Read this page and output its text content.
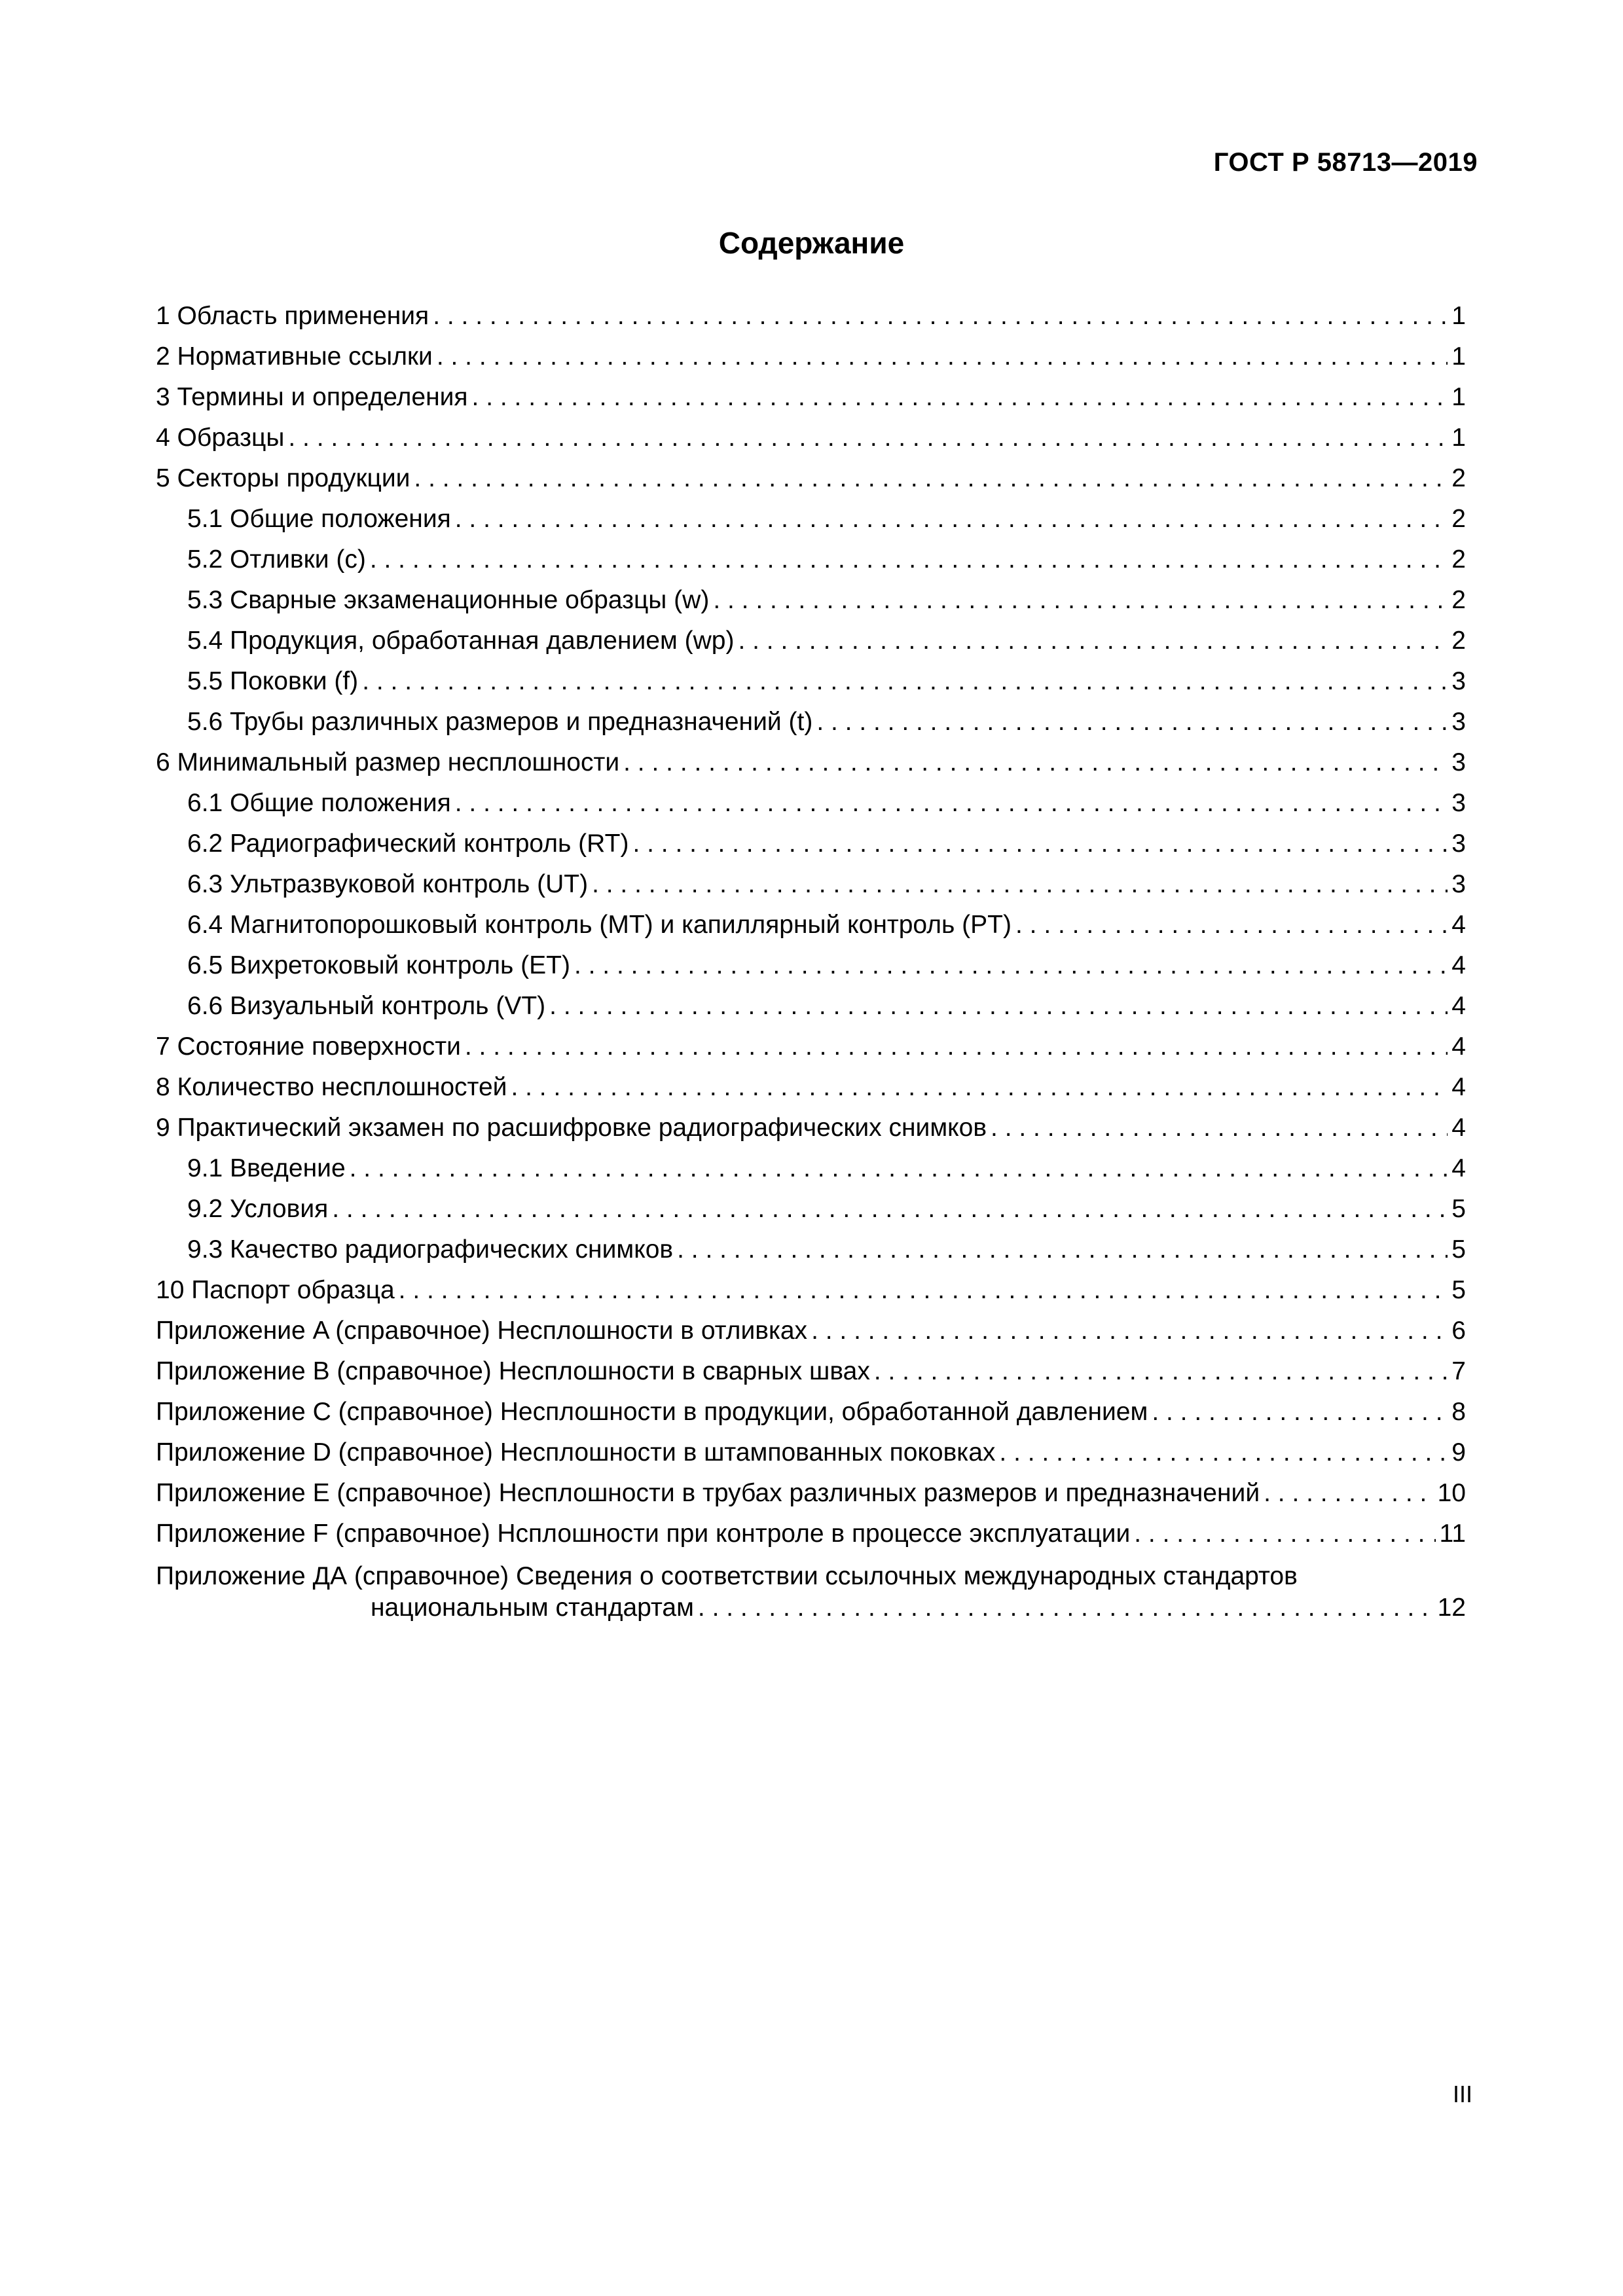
ГОСТ Р 58713—2019
Содержание
1 Область применения . . .	1
2 Нормативные ссылки . . .	1
3 Термины и определения . . .	1
4 Образцы . . .	1
5 Секторы продукции . . .	2
5.1 Общие положения . . .	2
5.2 Отливки (c) . . .	2
5.3 Сварные экзаменационные образцы (w) . . .	2
5.4 Продукция, обработанная давлением (wp) . . .	2
5.5 Поковки (f) . . .	3
5.6 Трубы различных размеров и предназначений (t) . . .	3
6 Минимальный размер несплошности . . .	3
6.1 Общие положения . . .	3
6.2 Радиографический контроль (RT) . . .	3
6.3 Ультразвуковой контроль (UT) . . .	3
6.4 Магнитопорошковый контроль (MT) и капиллярный контроль (PT) . . .	4
6.5 Вихретоковый контроль (ET) . . .	4
6.6 Визуальный контроль (VT) . . .	4
7 Состояние поверхности . . .	4
8 Количество несплошностей . . .	4
9 Практический экзамен по расшифровке радиографических снимков . . .	4
9.1 Введение . . .	4
9.2 Условия . . .	5
9.3 Качество радиографических снимков . . .	5
10 Паспорт образца . . .	5
Приложение A (справочное) Несплошности в отливках . . .	6
Приложение B (справочное) Несплошности в сварных швах . . .	7
Приложение C (справочное) Несплошности в продукции, обработанной давлением . . .	8
Приложение D (справочное) Несплошности в штампованных поковках . . .	9
Приложение E (справочное) Несплошности в трубах различных размеров и предназначений . . .	10
Приложение F (справочное) Нсплошности при контроле в процессе эксплуатации . . .	11
Приложение ДА (справочное) Сведения о соответствии ссылочных международных стандартов
национальным стандартам . . .	12
III
